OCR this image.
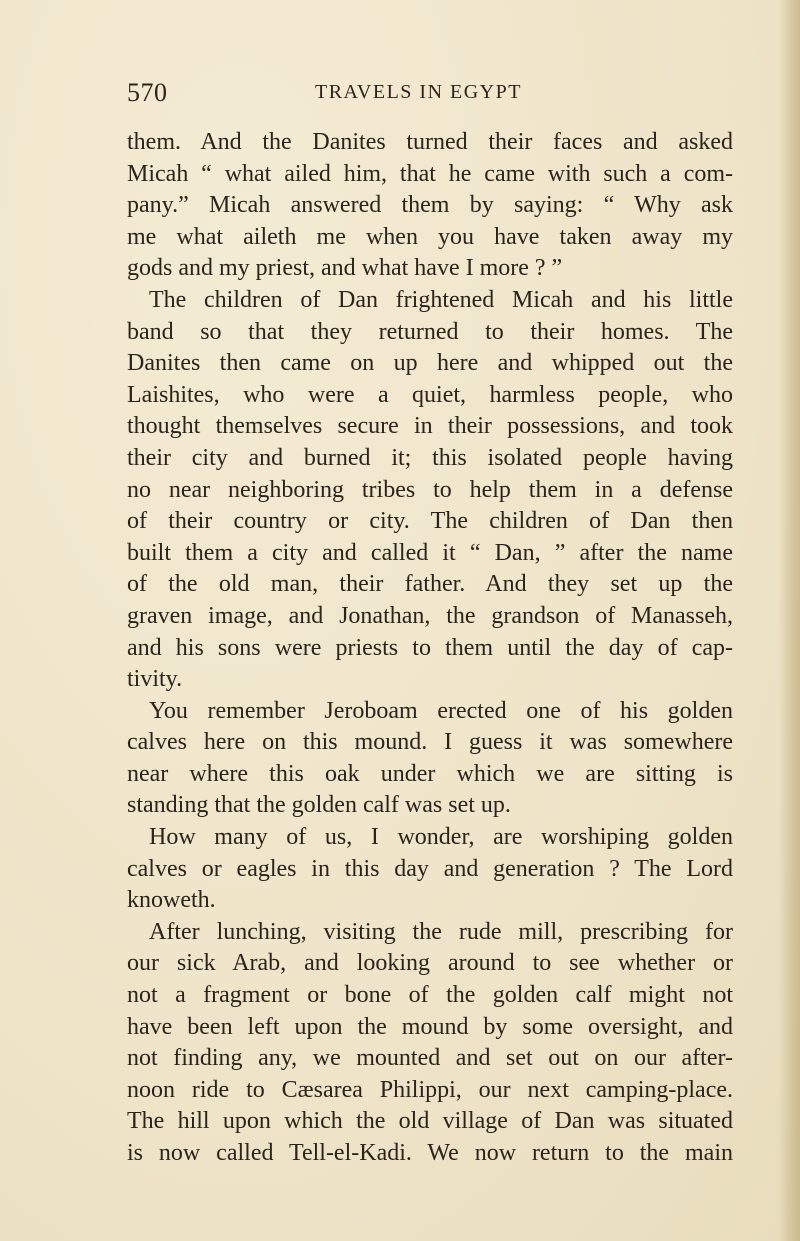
570	TRAVELS IN EGYPT
them. And the Danites turned their faces and asked
Micah “ what ailed him, that he came with such a com-
pany.” Micah answered them by saying: “ Why ask
me what aileth me when you have taken away my
gods and my priest, and what have I more ? ”
The children of Dan frightened Micah and his little
band so that they returned to their homes. The
Danites then came on up here and whipped out the
Laishites, who were a quiet, harmless people, who
thought themselves secure in their possessions, and took
their city and burned it; this isolated people having
no near neighboring tribes to help them in a defense
of their country or city. The children of Dan then
built them a city and called it “ Dan, ” after the name
of the old man, their father. And they set up the
graven image, and Jonathan, the grandson of Manasseh,
and his sons were priests to them until the day of cap-
tivity.
You remember Jeroboam erected one of his golden
calves here on this mound. I guess it was somewhere
near where this oak under which we are sitting is
standing that the golden calf was set up.
How many of us, I wonder, are worshiping golden
calves or eagles in this day and generation ? The Lord
knoweth.
After lunching, visiting the rude mill, prescribing for
our sick Arab, and looking around to see whether or
not a fragment or bone of the golden calf might not
have been left upon the mound by some oversight, and
not finding any, we mounted and set out on our after-
noon ride to Cæsarea Philippi, our next camping-place.
The hill upon which the old village of Dan was situated
is now called Tell-el-Kadi. We now return to the main
